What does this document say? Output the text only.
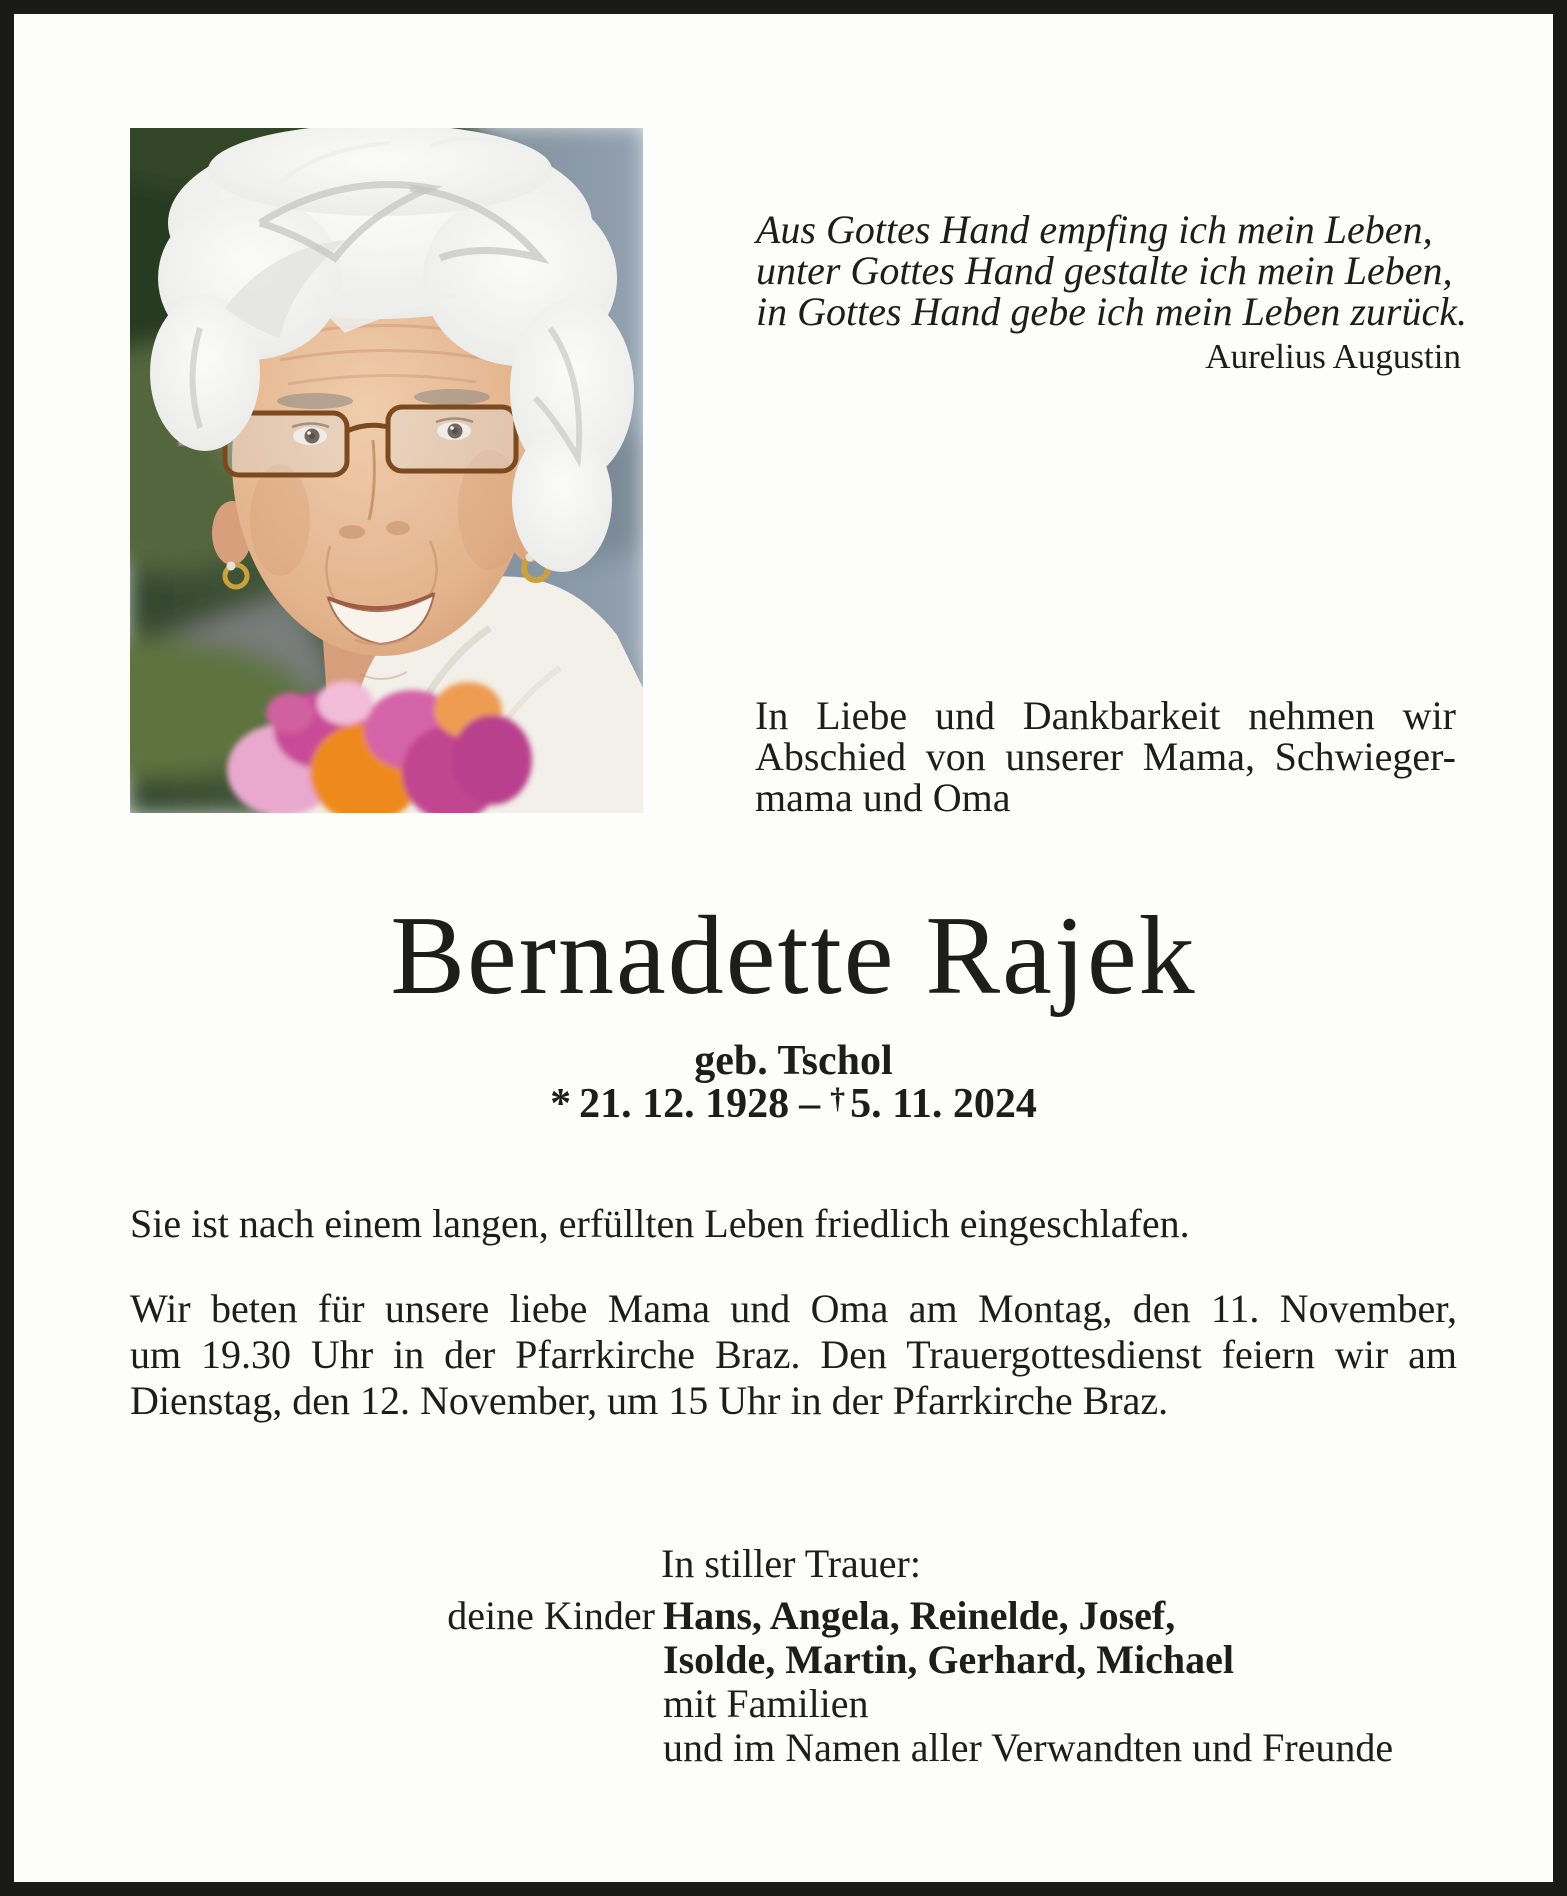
Aus Gottes Hand empfing ich mein Leben,
unter Gottes Hand gestalte ich mein Leben,
in Gottes Hand gebe ich mein Leben zurück.
Aurelius Augustin
In Liebe und Dankbarkeit nehmen wir
Abschied von unserer Mama, Schwieger-
mama und Oma
Bernadette Rajek
geb. Tschol
* 21. 12. 1928 – † 5. 11. 2024
Sie ist nach einem langen, erfüllten Leben friedlich eingeschlafen.
Wir beten für unsere liebe Mama und Oma am Montag, den 11. November,
um 19.30 Uhr in der Pfarrkirche Braz. Den Trauergottesdienst feiern wir am
Dienstag, den 12. November, um 15 Uhr in der Pfarrkirche Braz.
In stiller Trauer:
deine Kinder Hans, Angela, Reinelde, Josef,
Isolde, Martin, Gerhard, Michael
mit Familien
und im Namen aller Verwandten und Freunde
